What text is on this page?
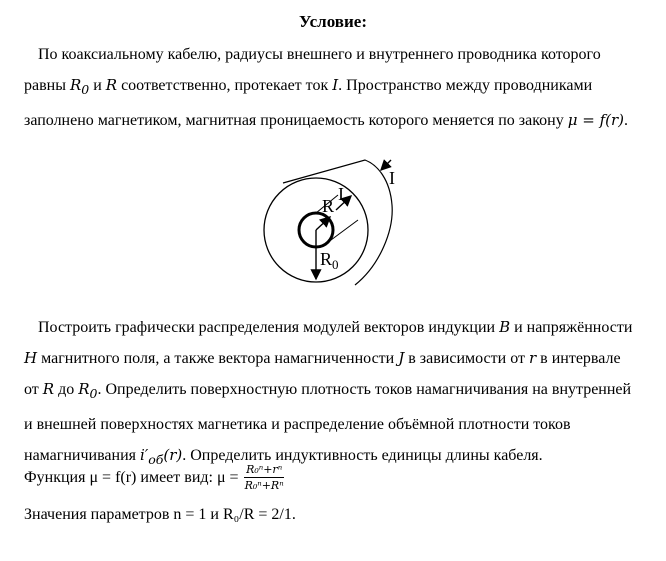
Условие:
По коаксиальному кабелю, радиусы внешнего и внутреннего проводника которого
равны $R_0$ и R соответственно, протекает ток I. Пространство между проводниками
заполнено магнетиком, магнитная проницаемость которого меняется по закону μ = f(r).
I
I
R
$R_0$
Построить графически распределения модулей векторов индукции B и напряжённости
H магнитного поля, а также вектора намагниченности J в зависимости от r в интервале
от R до $R_0$. Определить поверхностную плотность токов намагничивания на внутренней
и внешней поверхностях магнетика и распределение объёмной плотности токов
намагничивания $i'_{об}(r)$. Определить индуктивность единицы длины кабеля.
Функция μ = f(r) имеет вид: $\mu = \frac{\text{R₀ⁿ+rⁿ}}{\text{R₀ⁿ+Rⁿ}}$
Значения параметров n = 1 и R₀/R = 2/1.
